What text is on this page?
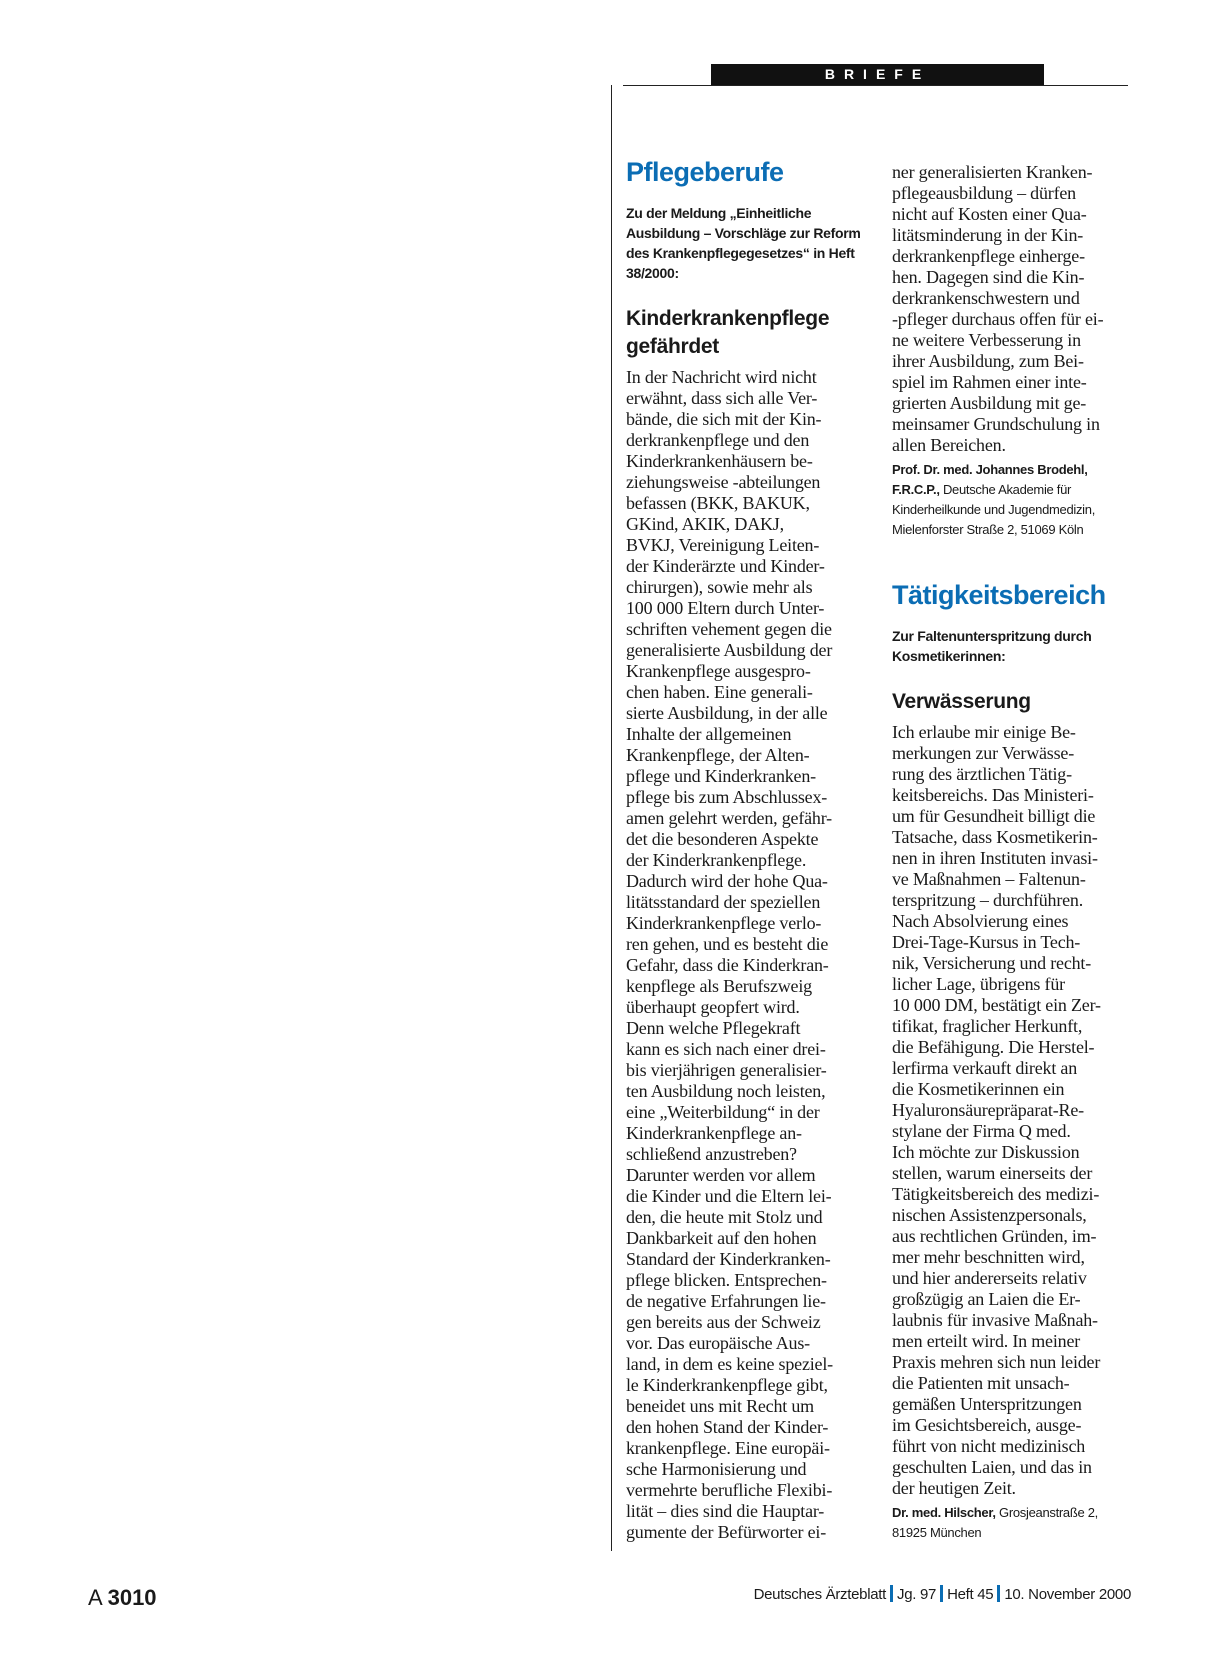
BRIEFE
Pflegeberufe

Zu der Meldung „Einheitliche Ausbildung – Vorschläge zur Reform des Krankenpflegegesetzes“ in Heft 38/2000:

Kinderkrankenpflege gefährdet

In der Nachricht wird nicht
erwähnt, dass sich alle Ver-
bände, die sich mit der Kin-
derkrankenpflege und den
Kinderkrankenhäusern be-
ziehungsweise -abteilungen
befassen (BKK, BAKUK,
GKind, AKIK, DAKJ,
BVKJ, Vereinigung Leiten-
der Kinderärzte und Kinder-
chirurgen), sowie mehr als
100 000 Eltern durch Unter-
schriften vehement gegen die
generalisierte Ausbildung der
Krankenpflege ausgespro-
chen haben. Eine generali-
sierte Ausbildung, in der alle
Inhalte der allgemeinen
Krankenpflege, der Alten-
pflege und Kinderkranken-
pflege bis zum Abschlussex-
amen gelehrt werden, gefähr-
det die besonderen Aspekte
der Kinderkrankenpflege.
Dadurch wird der hohe Qua-
litätsstandard der speziellen
Kinderkrankenpflege verlo-
ren gehen, und es besteht die
Gefahr, dass die Kinderkran-
kenpflege als Berufszweig
überhaupt geopfert wird.
Denn welche Pflegekraft
kann es sich nach einer drei-
bis vierjährigen generalisier-
ten Ausbildung noch leisten,
eine „Weiterbildung“ in der
Kinderkrankenpflege an-
schließend anzustreben?
Darunter werden vor allem
die Kinder und die Eltern lei-
den, die heute mit Stolz und
Dankbarkeit auf den hohen
Standard der Kinderkranken-
pflege blicken. Entsprechen-
de negative Erfahrungen lie-
gen bereits aus der Schweiz
vor. Das europäische Aus-
land, in dem es keine speziel-
le Kinderkrankenpflege gibt,
beneidet uns mit Recht um
den hohen Stand der Kinder-
krankenpflege. Eine europäi-
sche Harmonisierung und
vermehrte berufliche Flexibi-
lität – dies sind die Hauptar-
gumente der Befürworter ei-

ner generalisierten Kranken-
pflegeausbildung – dürfen
nicht auf Kosten einer Qua-
litätsminderung in der Kin-
derkrankenpflege einherge-
hen. Dagegen sind die Kin-
derkrankenschwestern und
-pfleger durchaus offen für ei-
ne weitere Verbesserung in
ihrer Ausbildung, zum Bei-
spiel im Rahmen einer inte-
grierten Ausbildung mit ge-
meinsamer Grundschulung in
allen Bereichen.

Prof. Dr. med. Johannes Brodehl, F.R.C.P., Deutsche Akademie für Kinderheilkunde und Jugendmedizin, Mielenforster Straße 2, 51069 Köln

Tätigkeitsbereich

Zur Faltenunterspritzung durch Kosmetikerinnen:

Verwässerung

Ich erlaube mir einige Be-
merkungen zur Verwässe-
rung des ärztlichen Tätig-
keitsbereichs. Das Ministeri-
um für Gesundheit billigt die
Tatsache, dass Kosmetikerin-
nen in ihren Instituten invasi-
ve Maßnahmen – Faltenun-
terspritzung – durchführen.
Nach Absolvierung eines
Drei-Tage-Kursus in Tech-
nik, Versicherung und recht-
licher Lage, übrigens für
10 000 DM, bestätigt ein Zer-
tifikat, fraglicher Herkunft,
die Befähigung. Die Herstel-
lerfirma verkauft direkt an
die Kosmetikerinnen ein
Hyaluronsäurepräparat-Re-
stylane der Firma Q med.
Ich möchte zur Diskussion
stellen, warum einerseits der
Tätigkeitsbereich des medizi-
nischen Assistenzpersonals,
aus rechtlichen Gründen, im-
mer mehr beschnitten wird,
und hier andererseits relativ
großzügig an Laien die Er-
laubnis für invasive Maßnah-
men erteilt wird. In meiner
Praxis mehren sich nun leider
die Patienten mit unsach-
gemäßen Unterspritzungen
im Gesichtsbereich, ausge-
führt von nicht medizinisch
geschulten Laien, und das in
der heutigen Zeit.

Dr. med. Hilscher, Grosjeanstraße 2, 81925 München

A 3010	Deutsches Ärzteblatt Jg. 97 Heft 45 10. November 2000
